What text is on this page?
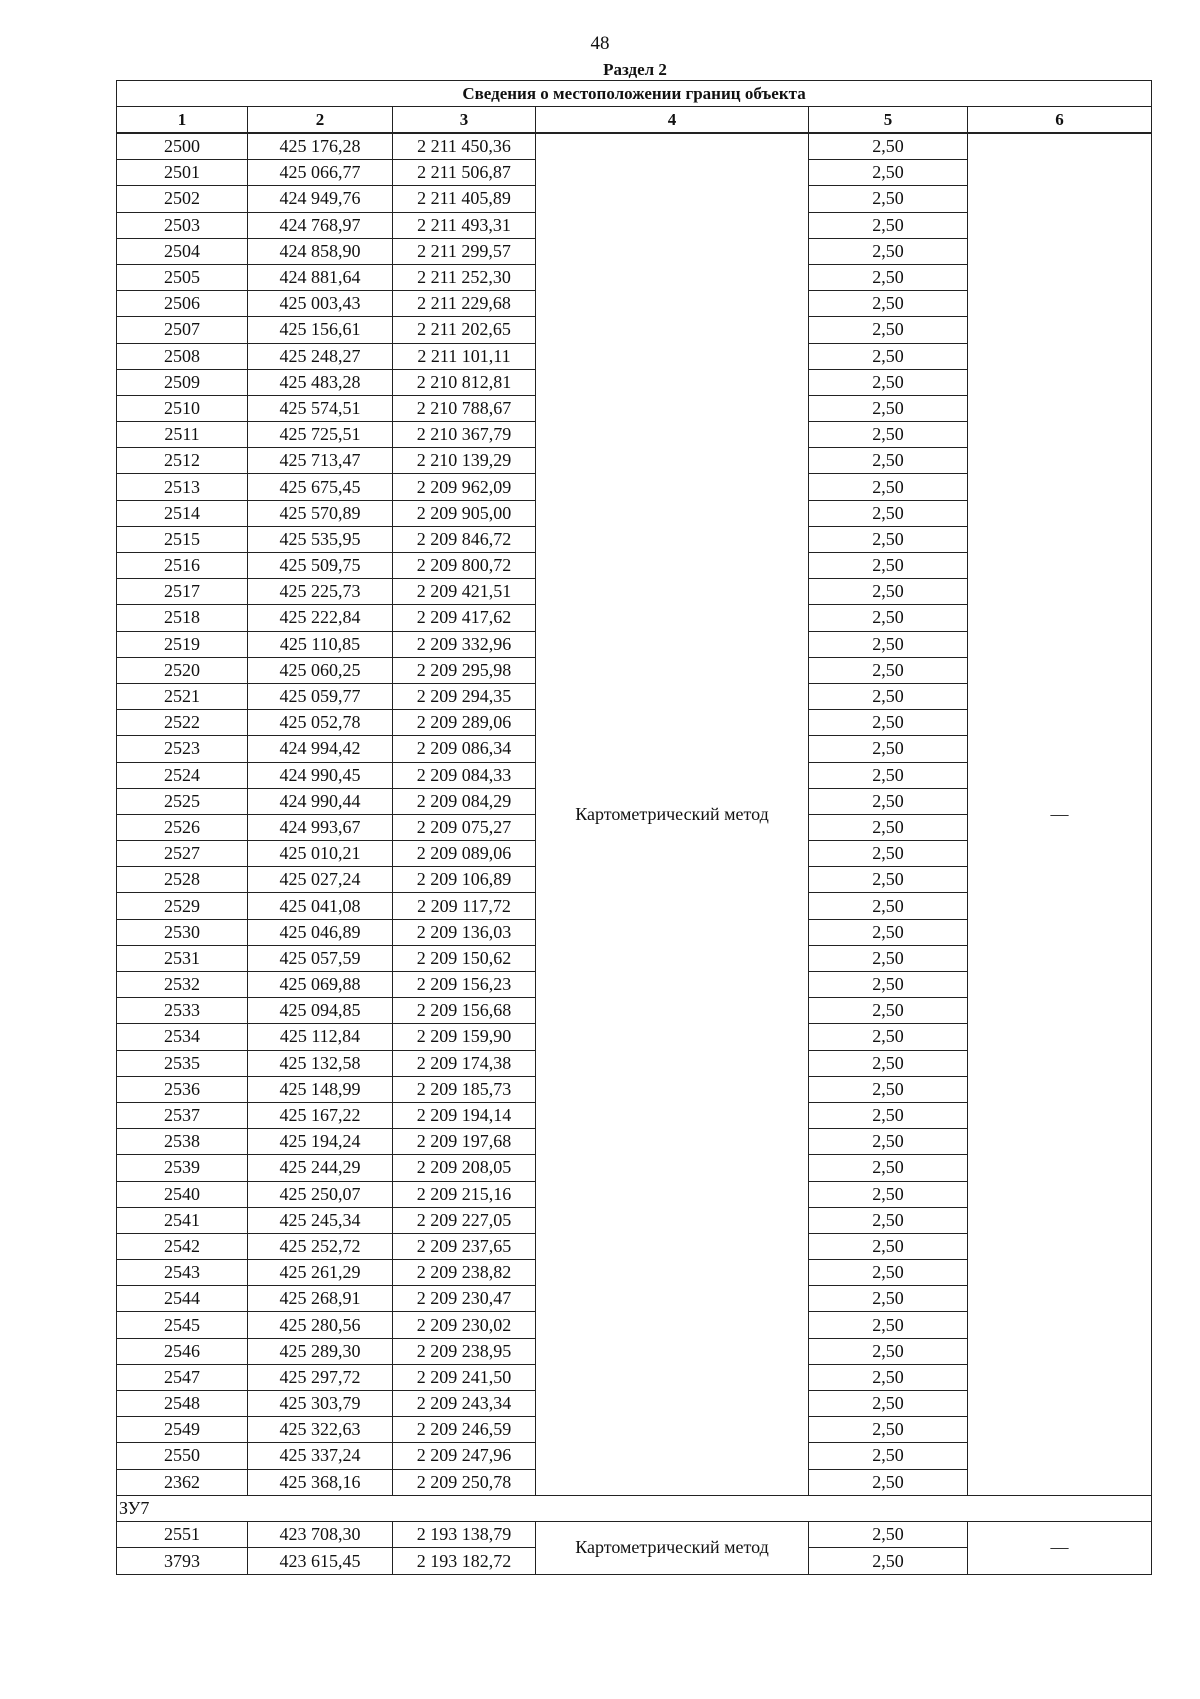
48
Раздел 2
Сведения о местоположении границ объекта					
1	2	3	4	5	6
2500	425 176,28	2 211 450,36	Картометрический метод	2,50	—
2501	425 066,77	2 211 506,87		2,50	
2502	424 949,76	2 211 405,89		2,50	
2503	424 768,97	2 211 493,31		2,50	
2504	424 858,90	2 211 299,57		2,50	
2505	424 881,64	2 211 252,30		2,50	
2506	425 003,43	2 211 229,68		2,50	
2507	425 156,61	2 211 202,65		2,50	
2508	425 248,27	2 211 101,11		2,50	
2509	425 483,28	2 210 812,81		2,50	
2510	425 574,51	2 210 788,67		2,50	
2511	425 725,51	2 210 367,79		2,50	
2512	425 713,47	2 210 139,29		2,50	
2513	425 675,45	2 209 962,09		2,50	
2514	425 570,89	2 209 905,00		2,50	
2515	425 535,95	2 209 846,72		2,50	
2516	425 509,75	2 209 800,72		2,50	
2517	425 225,73	2 209 421,51		2,50	
2518	425 222,84	2 209 417,62		2,50	
2519	425 110,85	2 209 332,96		2,50	
2520	425 060,25	2 209 295,98		2,50	
2521	425 059,77	2 209 294,35		2,50	
2522	425 052,78	2 209 289,06		2,50	
2523	424 994,42	2 209 086,34		2,50	
2524	424 990,45	2 209 084,33		2,50	
2525	424 990,44	2 209 084,29		2,50	
2526	424 993,67	2 209 075,27		2,50	
2527	425 010,21	2 209 089,06		2,50	
2528	425 027,24	2 209 106,89		2,50	
2529	425 041,08	2 209 117,72		2,50	
2530	425 046,89	2 209 136,03		2,50	
2531	425 057,59	2 209 150,62		2,50	
2532	425 069,88	2 209 156,23		2,50	
2533	425 094,85	2 209 156,68		2,50	
2534	425 112,84	2 209 159,90		2,50	
2535	425 132,58	2 209 174,38		2,50	
2536	425 148,99	2 209 185,73		2,50	
2537	425 167,22	2 209 194,14		2,50	
2538	425 194,24	2 209 197,68		2,50	
2539	425 244,29	2 209 208,05		2,50	
2540	425 250,07	2 209 215,16		2,50	
2541	425 245,34	2 209 227,05		2,50	
2542	425 252,72	2 209 237,65		2,50	
2543	425 261,29	2 209 238,82		2,50	
2544	425 268,91	2 209 230,47		2,50	
2545	425 280,56	2 209 230,02		2,50	
2546	425 289,30	2 209 238,95		2,50	
2547	425 297,72	2 209 241,50		2,50	
2548	425 303,79	2 209 243,34		2,50	
2549	425 322,63	2 209 246,59		2,50	
2550	425 337,24	2 209 247,96		2,50	
2362	425 368,16	2 209 250,78		2,50	
ЗУ7					
2551	423 708,30	2 193 138,79	Картометрический метод	2,50	—
3793	423 615,45	2 193 182,72		2,50	
